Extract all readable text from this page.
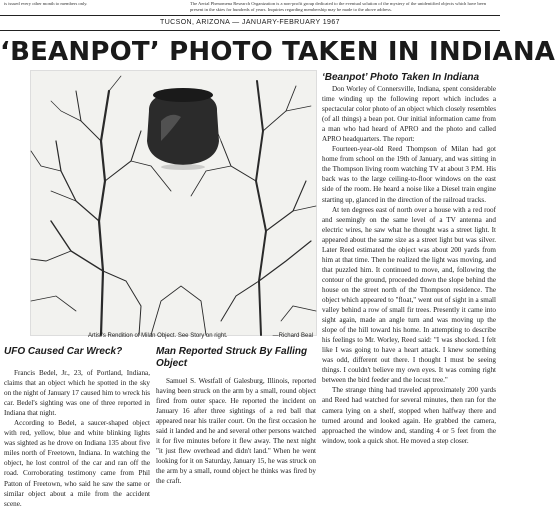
is issued every other month to members only.	The Aerial Phenomena Research Organization is a non-profit group dedicated to the eventual solution of the mystery of the unidentified objects which have been present in the skies for hundreds of years. Inquiries regarding membership may be made to the above address.
TUCSON, ARIZONA — JANUARY-FEBRUARY 1967
‘BEANPOT’ PHOTO TAKEN IN INDIANA
Artist's Rendition of Milan Object. See Story on right.	—Richard Beal
‘Beanpot’ Photo Taken In Indiana

Don Worley of Connersville, Indiana, spent considerable time winding up the following report which includes a spectacular color photo of an object which closely resembles (of all things) a bean pot. Our initial information came from a man who had heard of APRO and the photo and called APRO headquarters. The report:

Fourteen-year-old Reed Thompson of Milan had got home from school on the 19th of January, and was sitting in the Thompson living room watching TV at about 3 P.M. His back was to the large ceiling-to-floor windows on the east side of the room. He heard a noise like a Diesel train engine starting up, glanced in the direction of the railroad tracks.

At ten degrees east of north over a house with a red roof and seemingly on the same level of a TV antenna and electric wires, he saw what he thought was a street light. It appeared about the same size as a street light but was silver. Later Reed estimated the object was about 200 yards from him at that time. Then he realized the light was moving, and that puzzled him. It continued to move, and, following the contour of the ground, proceeded down the slope behind the house on the street north of the Thompson residence. The object which appeared to "float," went out of sight in a small valley behind a row of small fir trees. Presently it came into sight again, made an angle turn and was moving up the slope of the hill toward his home. In attempting to describe his feelings to Mr. Worley, Reed said: "I was shocked. I felt like I was going to have a heart attack. I knew something was odd, different out there. I thought I must be seeing things. I couldn't believe my own eyes. It was coming right between the bird feeder and the locust tree."

The strange thing had traveled approximately 200 yards and Reed had watched for several minutes, then ran for the camera lying on a shelf, stopped when halfway there and turned around and looked again. He grabbed the camera, approached the window and, standing 4 or 5 feet from the window, took a quick shot. He moved a step closer.

UFO Caused Car Wreck?

Francis Bedel, Jr., 23, of Portland, Indiana, claims that an object which he spotted in the sky on the night of January 17 caused him to wreck his car. Bedel's sighting was one of three reported in Indiana that night.

According to Bedel, a saucer-shaped object with red, yellow, blue and white blinking lights was sighted as he drove on Indiana 135 about five miles north of Freetown, Indiana. In watching the object, he lost control of the car and ran off the road. Corroborating testimony came from Phil Patton of Freetown, who said he saw the same or similar object about a mile from the accident scene.

Man Reported Struck By Falling Object

Samuel S. Westfall of Galesburg, Illinois, reported having been struck on the arm by a small, round object fired from outer space. He reported the incident on January 16 after three sightings of a red ball that appeared near his trailer court. On the first occasion he said it landed and he and several other persons watched it for five minutes before it flew away. The next night "it just flew overhead and didn't land." When he went looking for it on Saturday, January 15, he was struck on the arm by a small, round object he thinks was fired by the craft.
